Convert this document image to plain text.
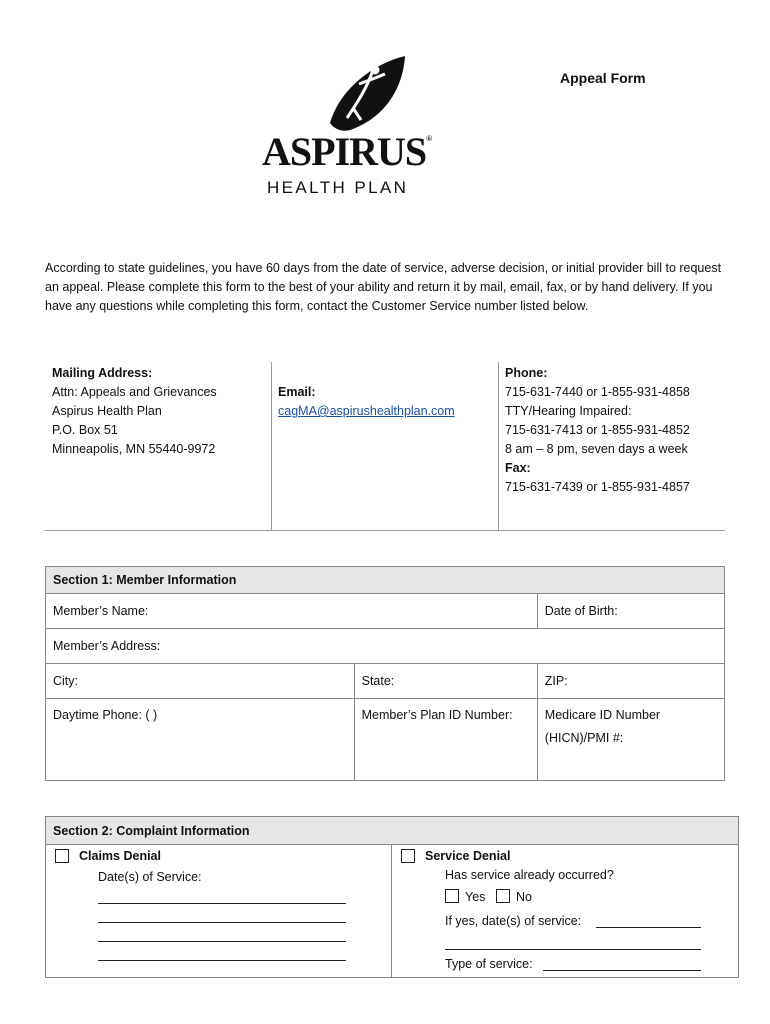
Appeal Form
ASPIRUS®
HEALTH PLAN
According to state guidelines, you have 60 days from the date of service, adverse decision, or initial provider bill to request an appeal. Please complete this form to the best of your ability and return it by mail, email, fax, or by hand delivery. If you have any questions while completing this form, contact the Customer Service number listed below.
Mailing Address:
Attn: Appeals and Grievances
Aspirus Health Plan
P.O. Box 51
Minneapolis, MN 55440-9972
Email:
cagMA@aspirushealthplan.com
Phone:
715-631-7440 or 1-855-931-4858
TTY/Hearing Impaired:
715-631-7413 or 1-855-931-4852
8 am – 8 pm, seven days a week
Fax:
715-631-7439 or 1-855-931-4857
Section 1: Member Information		
Member’s Name:		Date of Birth:
Member’s Address:		
City:	State:	ZIP:
Daytime Phone: ( )	Member’s Plan ID Number:	Medicare ID Number
(HICN)/PMI #:
Section 2: Complaint Information
Claims Denial
Date(s) of Service:
Service Denial
Has service already occurred?
Yes No
If yes, date(s) of service:
Type of service:
